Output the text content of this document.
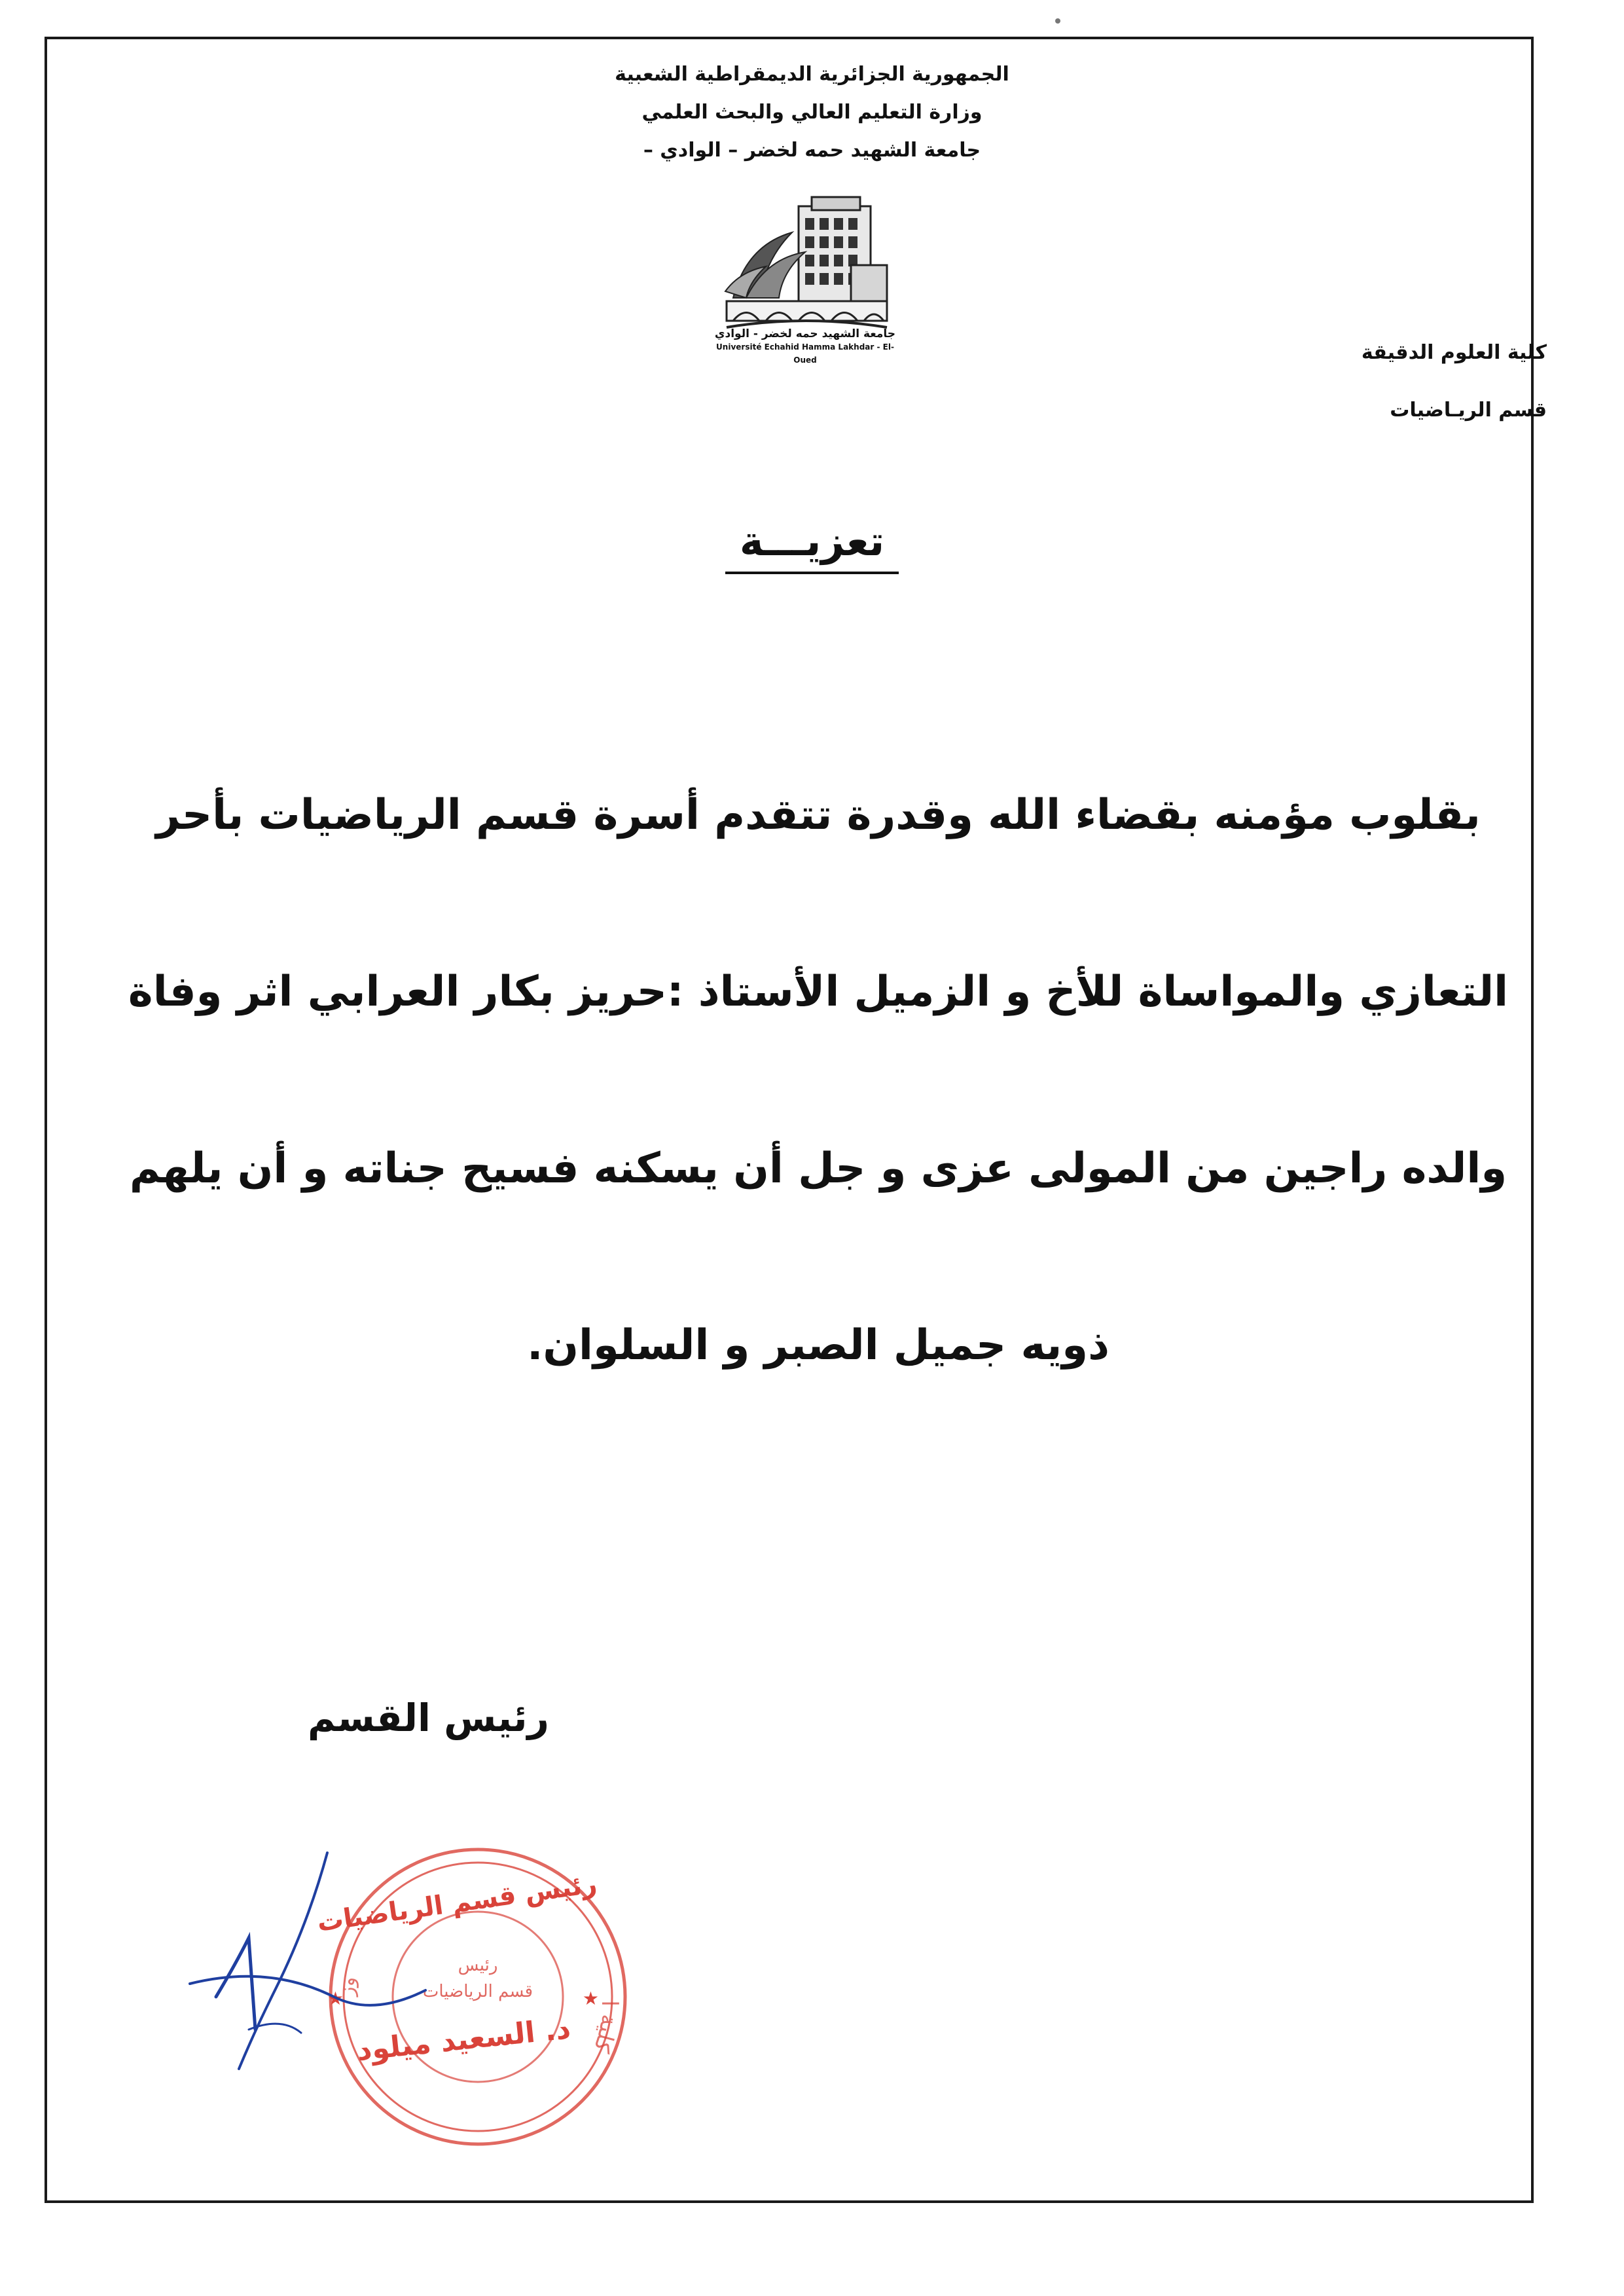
الجمهورية الجزائرية الديمقراطية الشعبية
وزارة التعليم العالي والبحث العلمي
جامعة الشهيد حمه لخضر – الوادي –
جامعة الشهيد حمه لخضر - الوادي
Université Echahid Hamma Lakhdar - El-Oued	كلية العلوم الدقيقة
قسم الريـاضيات
تعزيـــة
بقلوب مؤمنه بقضاء الله وقدرة تتقدم أسرة قسم الرياضيات بأحر
التعازي والمواساة للأخ و الزميل الأستاذ :حريز بكار العرابي اثر وفاة
والده راجين من المولى عزى و جل أن يسكنه فسيح جناته و أن يلهم
ذويه جميل الصبر و السلوان.
رئيس القسم
★	★
وز
كلية ا
رئيس
قسم الرياضيات
رئيس قسم الرياضيات
د. السعيد ميلود
